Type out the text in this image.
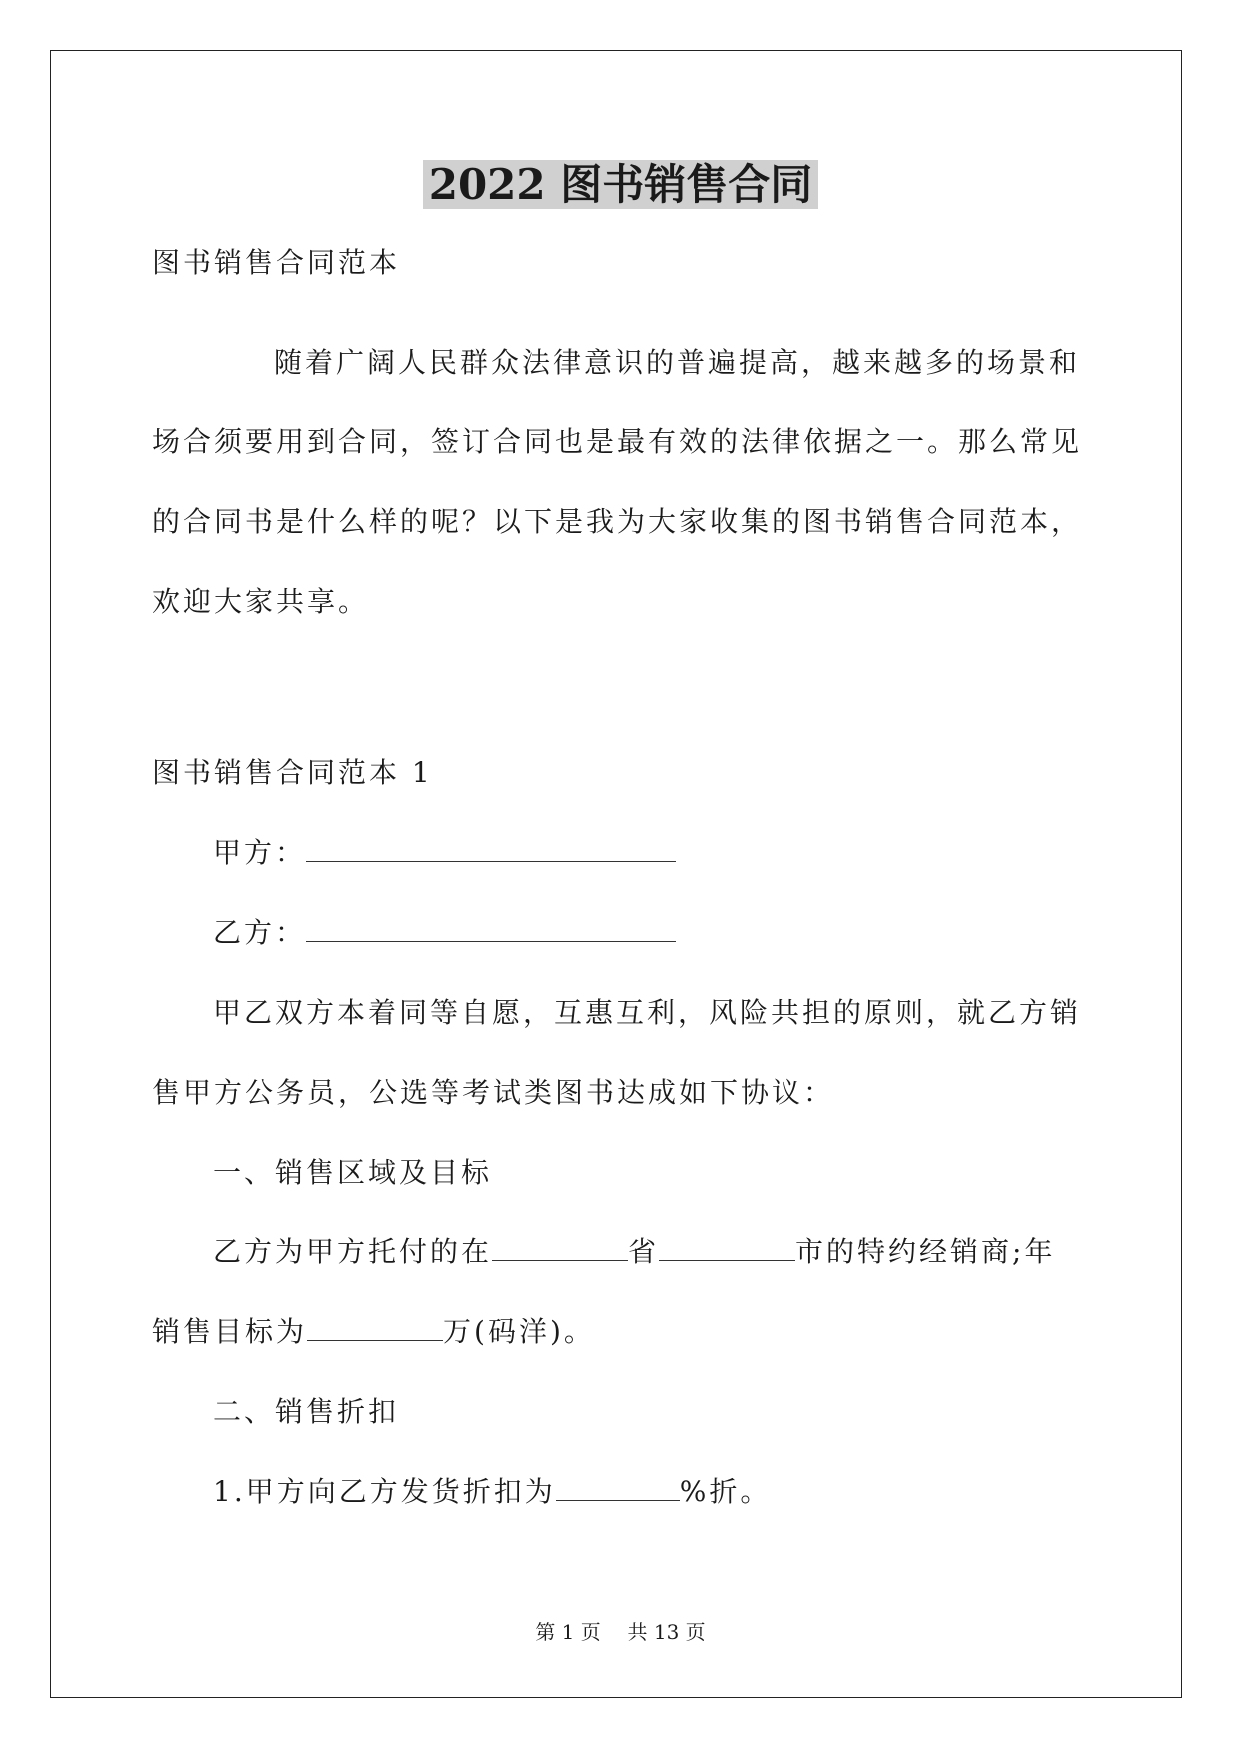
2022 图书销售合同
图书销售合同范本
随着广阔人民群众法律意识的普遍提高，越来越多的场景和
场合须要用到合同，签订合同也是最有效的法律依据之一。那么常见
的合同书是什么样的呢？以下是我为大家收集的图书销售合同范本，
欢迎大家共享。
图书销售合同范本 1
甲方：
乙方：
甲乙双方本着同等自愿，互惠互利，风险共担的原则，就乙方销
售甲方公务员，公选等考试类图书达成如下协议：
一、销售区域及目标
乙方为甲方托付的在	省	市的特约经销商;年
销售目标为	万(码洋)。
二、销售折扣
1.甲方向乙方发货折扣为	%折。
第 1 页 共 13 页
